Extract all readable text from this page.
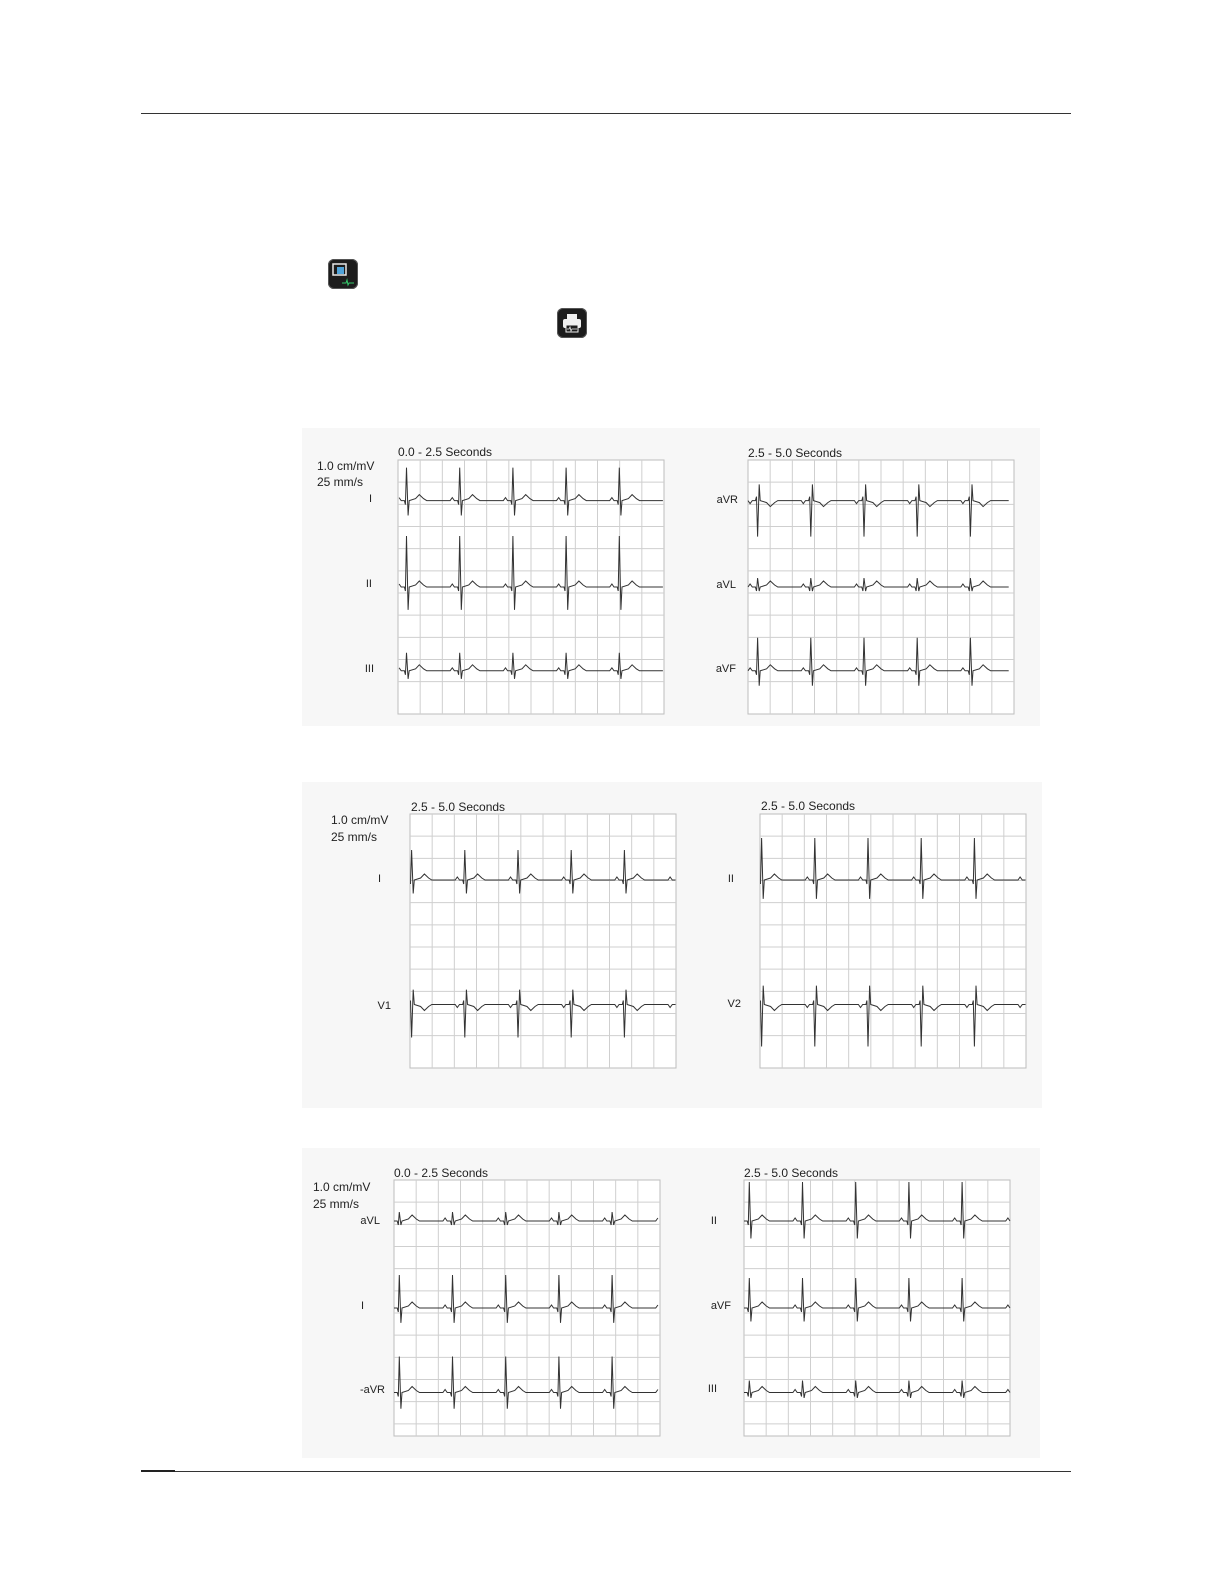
1.0 cm/mV
25 mm/s
0.0 - 2.5 Seconds	2.5 - 5.0 Seconds
I
II
III
aVR
aVL
aVF
1.0 cm/mV
25 mm/s
2.5 - 5.0 Seconds	2.5 - 5.0 Seconds
I
V1
II
V2
1.0 cm/mV
25 mm/s
0.0 - 2.5 Seconds	2.5 - 5.0 Seconds
aVL
I
-aVR
II
aVF
III
